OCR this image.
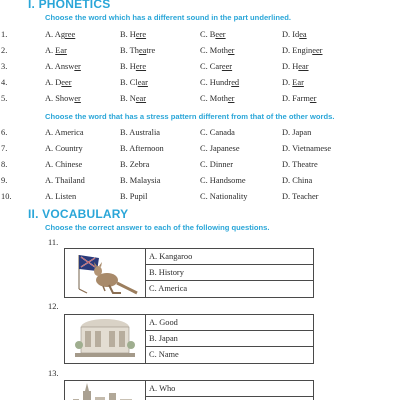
I. PHONETICS
Choose the word which has a different sound in the part underlined.
1.	A. Agree	B. Here	C. Beer	D. Idea
2.	A. Ear	B. Theatre	C. Mother	D. Engineer
3.	A. Answer	B. Here	C. Career	D. Hear
4.	A. Deer	B. Clear	C. Hundred	D. Ear
5.	A. Shower	B. Near	C. Mother	D. Farmer
Choose the word that has a stress pattern different from that of the other words.
6.	A. America	B. Australia	C. Canada	D. Japan
7.	A. Country	B. Afternoon	C. Japanese	D. Vietnamese
8.	A. Chinese	B. Zebra	C. Dinner	D. Theatre
9.	A. Thailand	B. Malaysia	C. Handsome	D. China
10.	A. Listen	B. Pupil	C. Nationality	D. Teacher
II. VOCABULARY
Choose the correct answer to each of the following questions.
11.
A. Kangaroo
B. History
C. America
12.
A. Good
B. Japan
C. Name
13.
A. Who
